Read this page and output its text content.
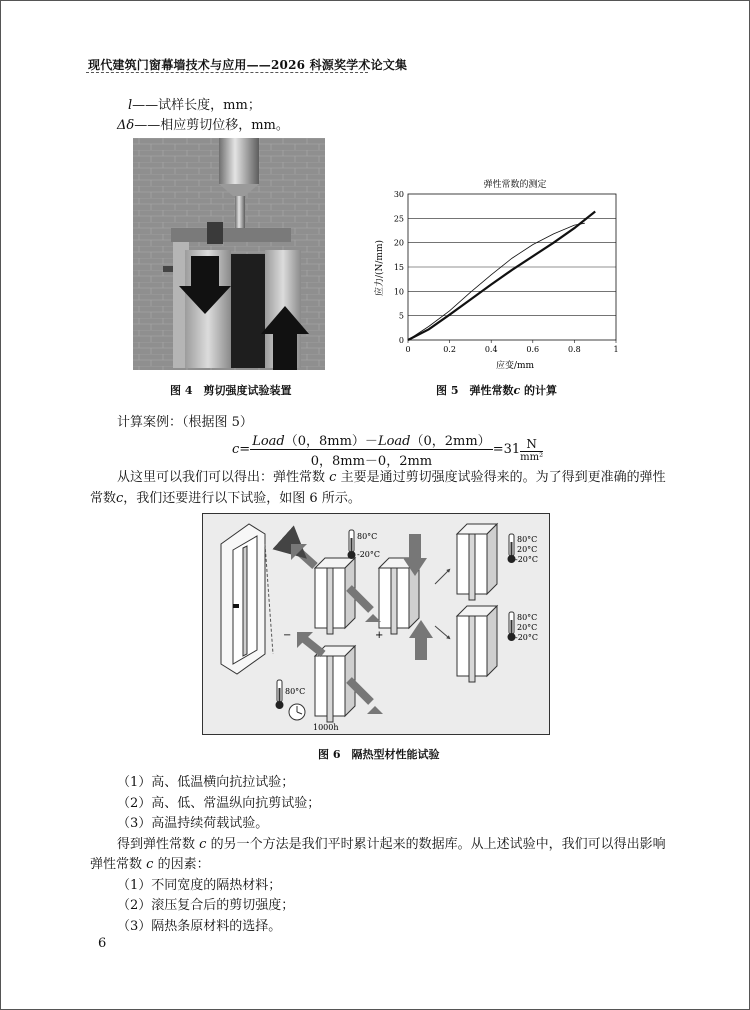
现代建筑门窗幕墙技术与应用——2026 科源奖学术论文集
l——试样长度，mm；
Δδ——相应剪切位移，mm。
图 4　剪切强度试验装置
弹性常数的测定
0
5
10
15
20
25
30
0	0.2	0.4	0.6	0.8	1
应变/mm
应力/(N/mm)
图 5　弹性常数c 的计算
计算案例：（根据图 5）
$c= \frac{\text{Load（0，8mm）－Load（0，2mm）}}{0,8mm-0,2mm} =31 \frac{N}{\text{mm²}}$
从这里可以我们可以得出：弹性常数 c 主要是通过剪切强度试验得来的。为了得到更准确的弹性
常数c，我们还要进行以下试验，如图 6 所示。
80°C
-20°C
80°C
20°C
-20°C
80°C
20°C
-20°C
80°C
1000h
−	+
图 6　隔热型材性能试验
（1）高、低温横向抗拉试验；
（2）高、低、常温纵向抗剪试验；
（3）高温持续荷载试验。
得到弹性常数 c 的另一个方法是我们平时累计起来的数据库。从上述试验中，我们可以得出影响
弹性常数 c 的因素：
（1）不同宽度的隔热材料；
（2）滚压复合后的剪切强度；
（3）隔热条原材料的选择。
6
